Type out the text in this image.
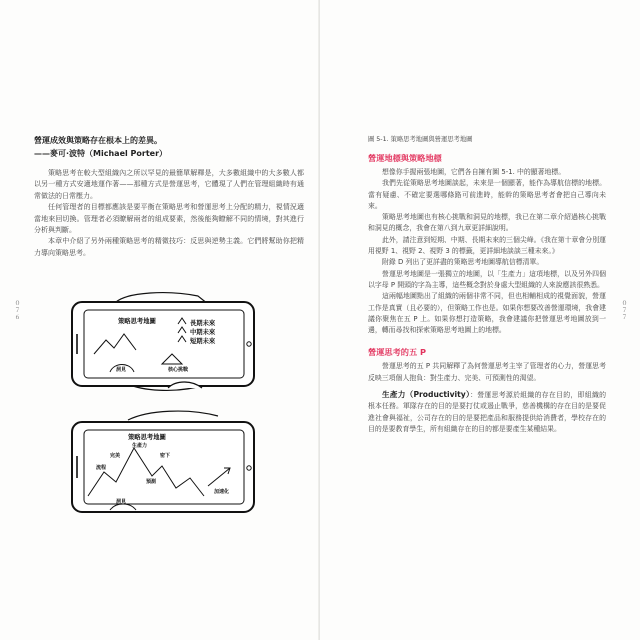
０７６
營運成效與策略存在根本上的差異。
——麥可·波特（Michael Porter）

策略思考在較大型組織內之所以罕見的最簡單解釋是，大多數組織中的大多數人都以另一種方式安適地運作著——那種方式是營運思考，它體現了人們在管理組織時有通常做法的日常壓力。

任何管理者的目標都應該是要平衡在策略思考和營運思考上分配的精力，視情況適當地來回切換。管理者必須瞭解兩者的組成要素，然後能夠瞭解不同的情境，對其進行分析與判斷。

本章中介紹了另外兩種策略思考的精微技巧：反思與逆勢主義。它們將幫助你把精力導向策略思考。

策略思考地圖	長期未來
中期未來
短期未來
核心挑戰
洞見
策略思考地圖
生產力
完美	密下
流程
預測
加速化
洞見
０７７
圖 5-1. 策略思考地圖與營運思考地圖
營運地標與策略地標

想像你手握兩張地圖，它們各自擁有圖 5-1. 中的顯著地標。

我們先從策略思考地圖談起，未來是一個顯著，能作為導航信標的地標。當有疑慮、不確定要選哪條路可前進時，能幹的策略思考者會把自己導向未來。

策略思考地圖也有核心挑戰和洞見的地標，我已在第二章介紹過核心挑戰和洞見的概念，我會在第八到九章更詳細說明。

此外，請注意到短期、中期、長期未來的三個尖峰。《我在第十章會分別運用視野 1、視野 2、視野 3 的標籤，更詳細地談談三種未來。》

附錄 D 列出了更詳盡的策略思考地圖導航信標清單。

營運思考地圖是一張獨立的地圖，以「生產力」這項地標，以及另外四個以字母 P 開頭的字為主導，這些概念對於身處大型組織的人來說應該很熟悉。

這兩幅地圖點出了組織的兩個非常不同，但也相輔相成的視覺面貌，營運工作是真實（且必要的），但策略工作也是。如果你想要改善營運環境，我會建議你聚焦在五 P 上。如果你想打造策略，我會建議你把營運思考地圖放到一邊，轉而尋找和探索策略思考地圖上的地標。

營運思考的五 P

營運思考的五 P 共同解釋了為何營運思考主宰了管理者的心力，營運思考反映三項個人抱負：對生產力、完美、可預測性的渴望。

生產力（Productivity）：營運思考源於組織的存在目的，即組織的根本任務。軍隊存在的目的是要打仗或遏止戰爭，慈善機構的存在目的是要促進社會與福祉，公司存在的目的是要把產品和服務提供給消費者，學校存在的目的是要教育學生，所有組織存在的目的都是要產生某種結果。
